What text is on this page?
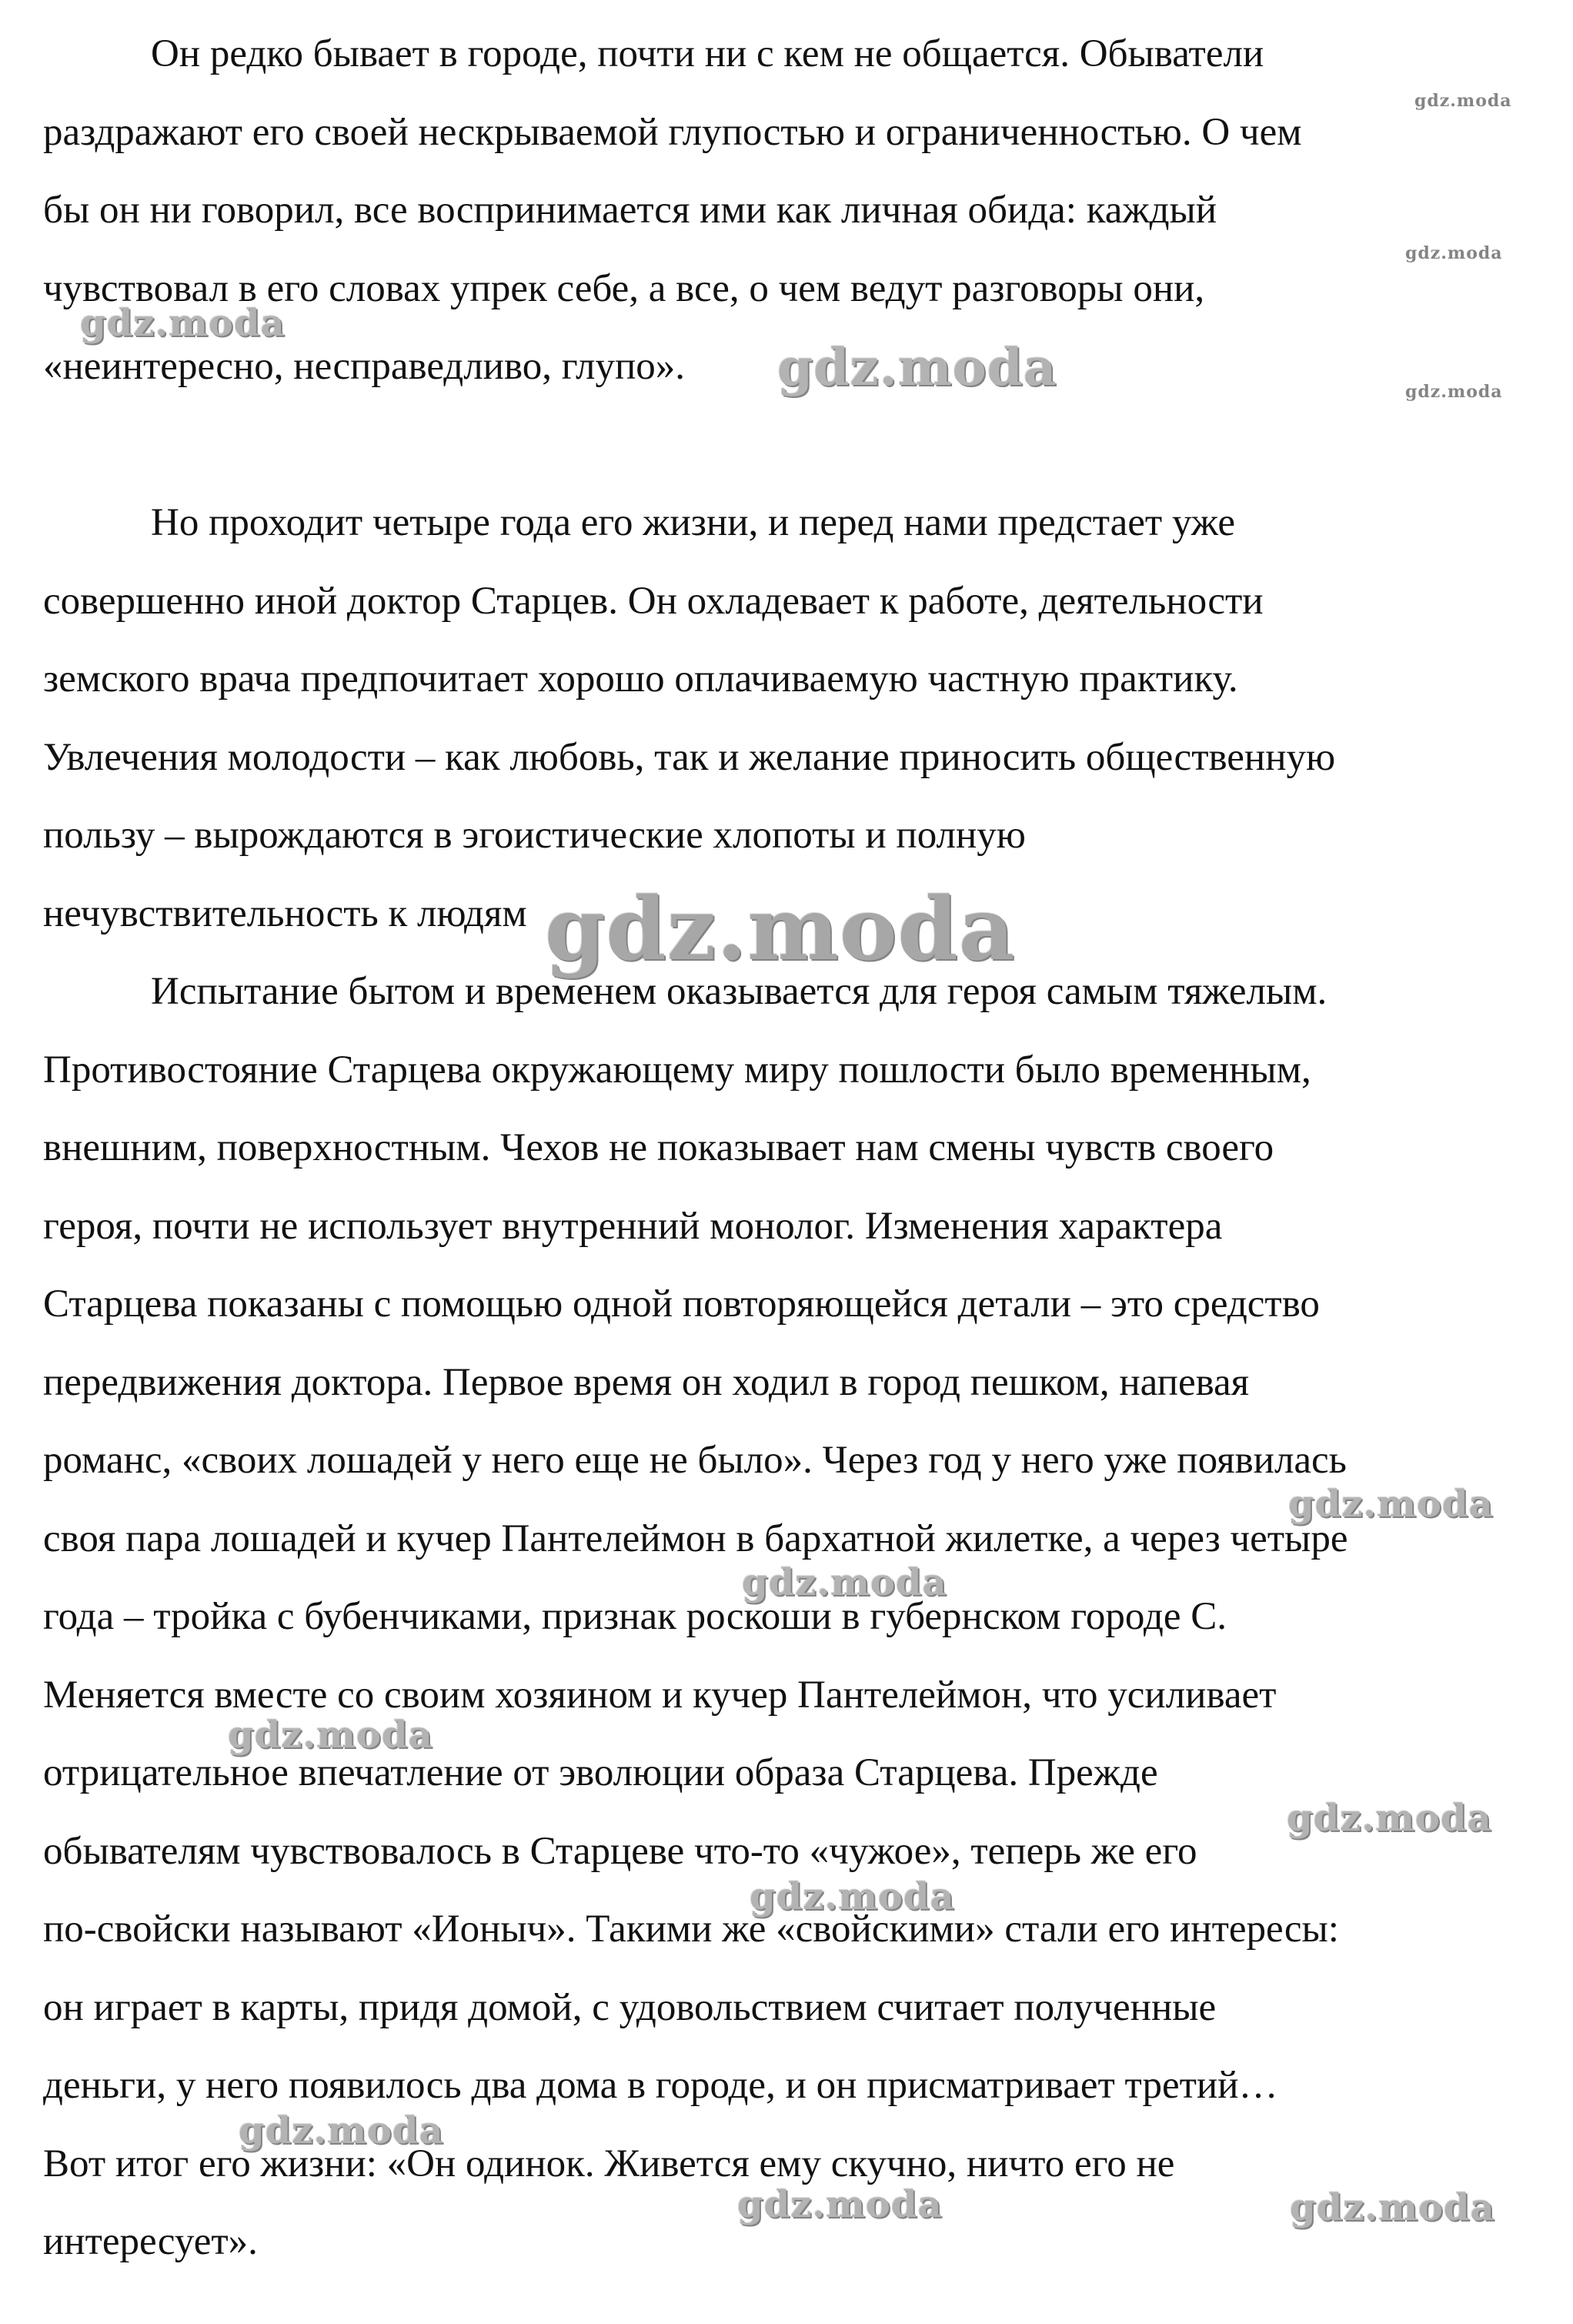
Он редко бывает в городе, почти ни с кем не общается. Обыватели
раздражают его своей нескрываемой глупостью и ограниченностью. О чем
бы он ни говорил, все воспринимается ими как личная обида: каждый
чувствовал в его словах упрек себе, а все, о чем ведут разговоры они,
«неинтересно, несправедливо, глупо».
Но проходит четыре года его жизни, и перед нами предстает уже
совершенно иной доктор Старцев. Он охладевает к работе, деятельности
земского врача предпочитает хорошо оплачиваемую частную практику.
Увлечения молодости – как любовь, так и желание приносить общественную
пользу – вырождаются в эгоистические хлопоты и полную
нечувствительность к людям
Испытание бытом и временем оказывается для героя самым тяжелым.
Противостояние Старцева окружающему миру пошлости было временным,
внешним, поверхностным. Чехов не показывает нам смены чувств своего
героя, почти не использует внутренний монолог. Изменения характера
Старцева показаны с помощью одной повторяющейся детали – это средство
передвижения доктора. Первое время он ходил в город пешком, напевая
романс, «своих лошадей у него еще не было». Через год у него уже появилась
своя пара лошадей и кучер Пантелеймон в бархатной жилетке, а через четыре
года – тройка с бубенчиками, признак роскоши в губернском городе С.
Меняется вместе со своим хозяином и кучер Пантелеймон, что усиливает
отрицательное впечатление от эволюции образа Старцева. Прежде
обывателям чувствовалось в Старцеве что-то «чужое», теперь же его
по-свойски называют «Ионыч». Такими же «свойскими» стали его интересы:
он играет в карты, придя домой, с удовольствием считает полученные
деньги, у него появилось два дома в городе, и он присматривает третий…
Вот итог его жизни: «Он одинок. Живется ему скучно, ничто его не
интересует».
gdz.moda
gdz.moda
gdz.moda
gdz.moda
gdz.moda
gdz.moda
gdz.moda
gdz.moda
gdz.moda
gdz.moda
gdz.moda
gdz.moda
gdz.moda	gdz.moda
